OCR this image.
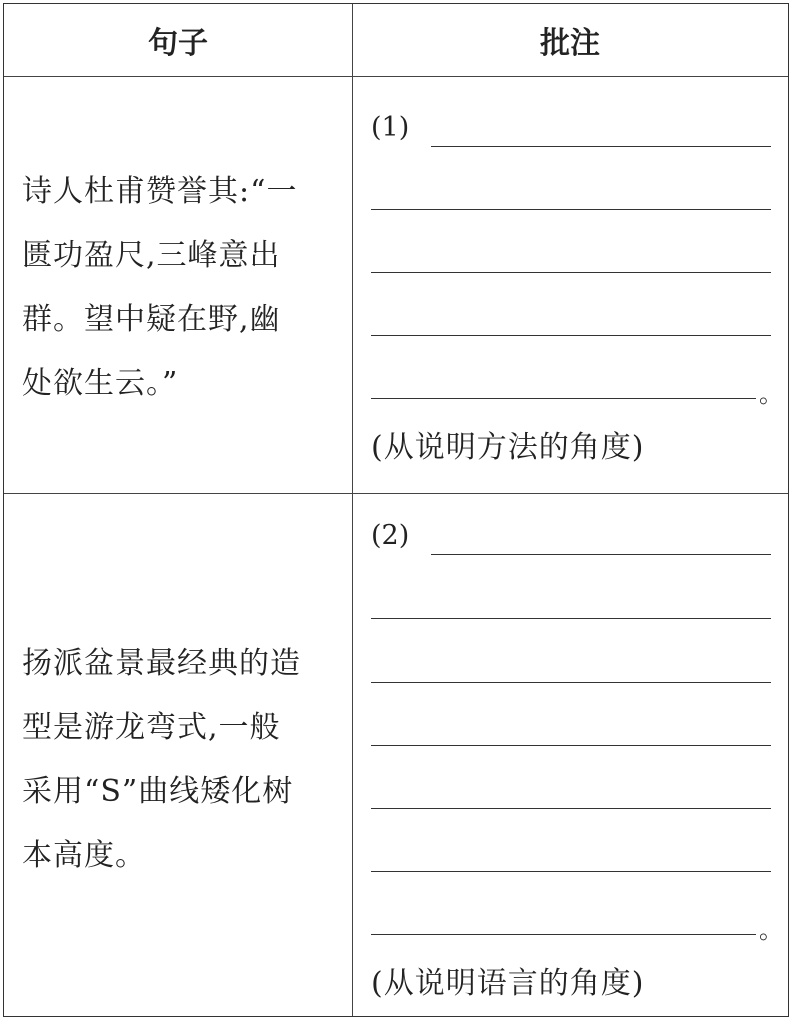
句子	批注
诗人杜甫赞誉其:“一
匮功盈尺,三峰意出
群。望中疑在野,幽
处欲生云。”
(1)
。
(从说明方法的角度)
扬派盆景最经典的造
型是游龙弯式,一般
采用“S”曲线矮化树
本高度。
(2)
。
(从说明语言的角度)
